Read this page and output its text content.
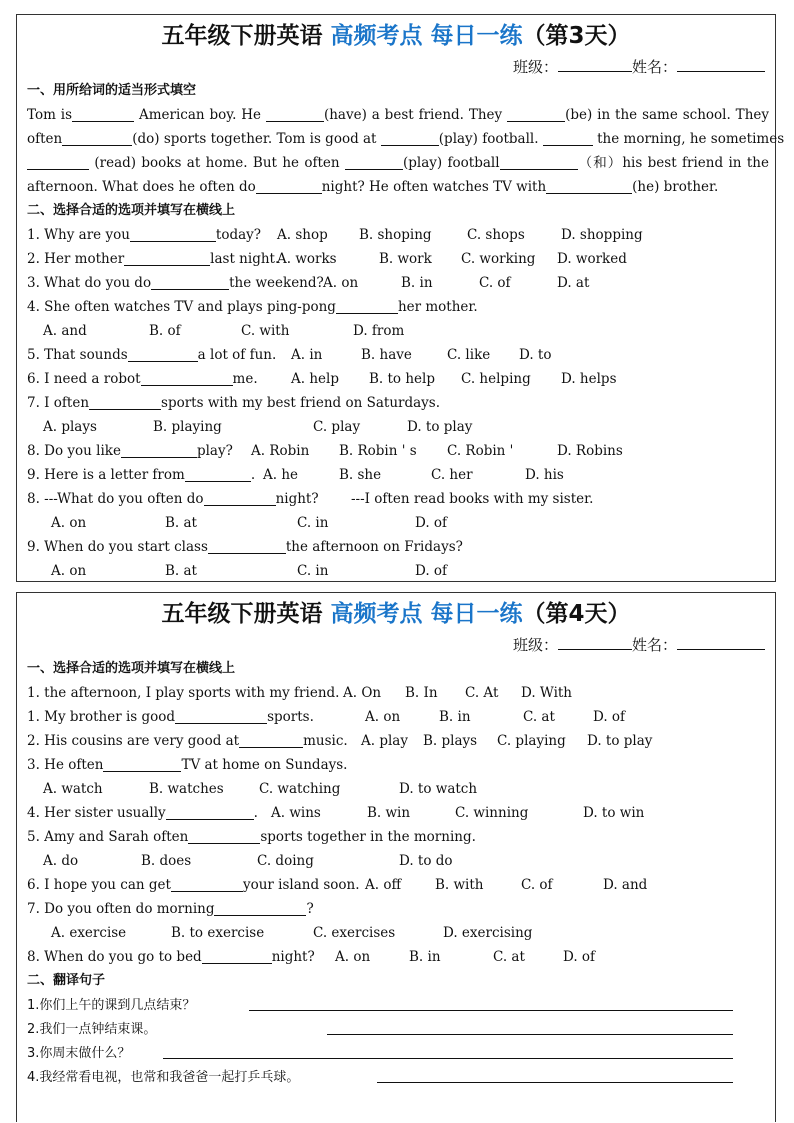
五年级下册英语 高频考点 每日一练（第3天）
班级：	姓名：
一、用所给词的适当形式填空
Tom is	American boy. He	(have) a best friend. They	(be) in the same school. They
often	(do) sports together. Tom is good at	(play) football.	the morning, he sometimes
(read) books at home. But he often	(play) football	（和）his best friend in the
afternoon. What does he often do	night? He often watches TV with	(he) brother.
二、选择合适的选项并填写在横线上
1. Why are you	today? A. shop B. shoping	C. shops	D. shopping
2. Her mother	last night.
A. works	B. work C. working D. worked
3. What do you do	the weekend? A. on	B. in	C. of	D. at
4. She often watches TV and plays ping-pong	her mother.
A. and	B. of	C. with	D. from
5. That sounds	a lot of fun. A. in	B. have	C. like D. to
6. I need a robot	me. A. help B. to help C. helping D. helps
7. I often	sports with my best friend on Saturdays.
A. plays	B. playing	C. play	D. to play
8. Do you like	play? A. Robin B. Robin ' s C. Robin '	D. Robins
9. Here is a letter from	. A. he	B. she	C. her	D. his
8. ---What do you often do	night? ---I often read books with my sister.
A. on	B. at	C. in	D. of
9. When do you start class	the afternoon on Fridays?
A. on	B. at	C. in	D. of
五年级下册英语 高频考点 每日一练（第4天）
班级：	姓名：
一、选择合适的选项并填写在横线上
1. the afternoon, I play sports with my friend. A. On B. In C. At D. With
1. My brother is good	sports.	A. on	B. in	C. at	D. of
2. His cousins are very good at	music. A. play B. plays C. playing D. to play
3. He often	TV at home on Sundays.
A. watch	B. watches	C. watching	D. to watch
4. Her sister usually	. A. wins	B. win	C. winning	D. to win
5. Amy and Sarah often	sports together in the morning.
A. do	B. does	C. doing	D. to do
6. I hope you can get	your island soon. A. off	B. with	C. of	D. and
7. Do you often do morning	?
A. exercise	B. to exercise	C. exercises	D. exercising
8. When do you go to bed	night? A. on	B. in	C. at	D. of
二、翻译句子
1.你们上午的课到几点结束？
2.我们一点钟结束课。
3.你周末做什么？
4.我经常看电视，也常和我爸爸一起打乒乓球。
